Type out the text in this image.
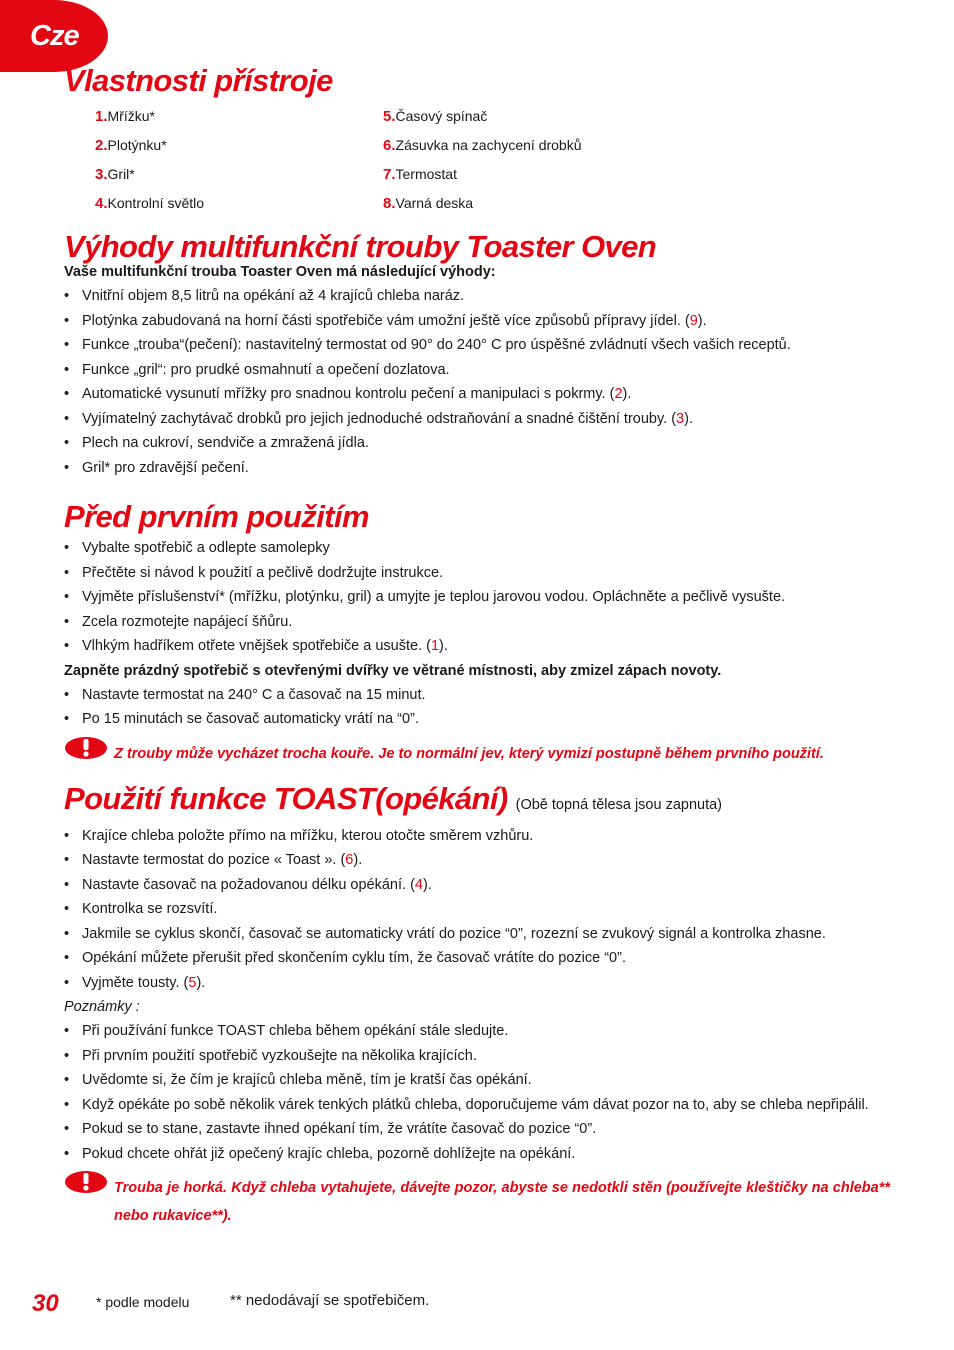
Cze
Vlastnosti přístroje
1.Mřížku*	5.Časový spínač
2.Plotýnku*	6.Zásuvka na zachycení drobků
3.Gril*	7.Termostat
4.Kontrolní světlo	8.Varná deska
Výhody multifunkční trouby Toaster Oven

Vaše multifunkční trouba Toaster Oven má následující výhody:

• Vnitřní objem 8,5 litrů na opékání až 4 krajíců chleba naráz.
• Plotýnka zabudovaná na horní části spotřebiče vám umožní ještě více způsobů přípravy jídel. (9).
• Funkce „trouba“(pečení): nastavitelný termostat od 90° do 240° C pro úspěšné zvládnutí všech vašich receptů.
• Funkce „gril“: pro prudké osmahnutí a opečení dozlatova.
• Automatické vysunutí mřížky pro snadnou kontrolu pečení a manipulaci s pokrmy. (2).
• Vyjímatelný zachytávač drobků pro jejich jednoduché odstraňování a snadné čištění trouby. (3).
• Plech na cukroví, sendviče a zmražená jídla.
• Gril* pro zdravější pečení.
Před prvním použitím
• Vybalte spotřebič a odlepte samolepky
• Přečtěte si návod k použití a pečlivě dodržujte instrukce.
• Vyjměte příslušenství* (mřížku, plotýnku, gril) a umyjte je teplou jarovou vodou. Opláchněte a pečlivě vysušte.
• Zcela rozmotejte napájecí šňůru.
• Vlhkým hadříkem otřete vnějšek spotřebiče a usušte. (1).

Zapněte prázdný spotřebič s otevřenými dvířky ve větrané místnosti, aby zmizel zápach novoty.

• Nastavte termostat na 240° C a časovač na 15 minut.
• Po 15 minutách se časovač automaticky vrátí na “0”.
Z trouby může vycházet trocha kouře. Je to normální jev, který vymizí postupně během prvního použití.
Použití funkce TOAST(opékání) (Obě topná tělesa jsou zapnuta)
• Krajíce chleba položte přímo na mřížku, kterou otočte směrem vzhůru.
• Nastavte termostat do pozice « Toast ». (6).
• Nastavte časovač na požadovanou délku opékání. (4).
• Kontrolka se rozsvítí.
• Jakmile se cyklus skončí, časovač se automaticky vrátí do pozice “0”, rozezní se zvukový signál a kontrolka zhasne.
• Opékání můžete přerušit před skončením cyklu tím, že časovač vrátíte do pozice “0”.
• Vyjměte tousty. (5).

Poznámky :

• Při používání funkce TOAST chleba během opékání stále sledujte.
• Při prvním použití spotřebič vyzkoušejte na několika krajících.
• Uvědomte si, že čím je krajíců chleba měně, tím je kratší čas opékání.
• Když opékáte po sobě několik várek tenkých plátků chleba, doporučujeme vám dávat pozor na to, aby se chleba nepřipálil.
• Pokud se to stane, zastavte ihned opékaní tím, že vrátíte časovač do pozice “0”.
• Pokud chcete ohřát již opečený krajíc chleba, pozorně dohlížejte na opékání.
Trouba je horká. Když chleba vytahujete, dávejte pozor, abyste se nedotkli stěn (používejte kleštičky na chleba** nebo rukavice**).
30	* podle modelu	** nedodávají se spotřebičem.
